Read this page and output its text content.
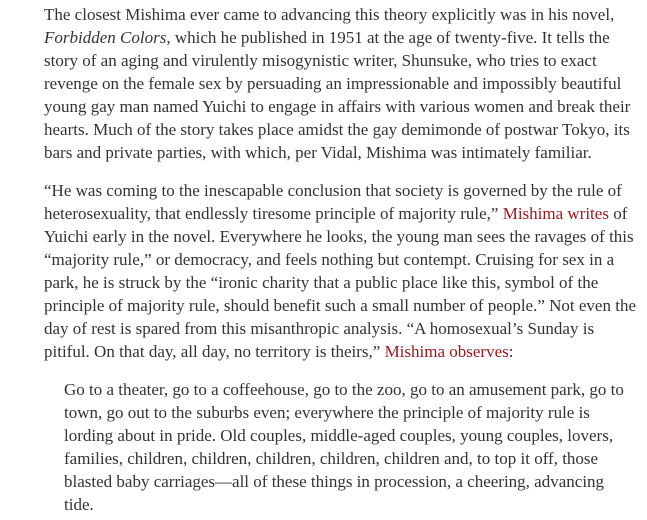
The closest Mishima ever came to advancing this theory explicitly was in his novel, Forbidden Colors, which he published in 1951 at the age of twenty-five. It tells the story of an aging and virulently misogynistic writer, Shunsuke, who tries to exact revenge on the female sex by persuading an impressionable and impossibly beautiful young gay man named Yuichi to engage in affairs with various women and break their hearts. Much of the story takes place amidst the gay demimonde of postwar Tokyo, its bars and private parties, with which, per Vidal, Mishima was intimately familiar.

“He was coming to the inescapable conclusion that society is governed by the rule of heterosexuality, that endlessly tiresome principle of majority rule,” Mishima writes of Yuichi early in the novel. Everywhere he looks, the young man sees the ravages of this “majority rule,” or democracy, and feels nothing but contempt. Cruising for sex in a park, he is struck by the “ironic charity that a public place like this, symbol of the principle of majority rule, should benefit such a small number of people.” Not even the day of rest is spared from this misanthropic analysis. “A homosexual’s Sunday is pitiful. On that day, all day, no territory is theirs,” Mishima observes:

Go to a theater, go to a coffeehouse, go to the zoo, go to an amusement park, go to town, go out to the suburbs even; everywhere the principle of majority rule is lording about in pride. Old couples, middle-aged couples, young couples, lovers, families, children, children, children, children, children and, to top it off, those blasted baby carriages—all of these things in procession, a cheering, advancing tide.
